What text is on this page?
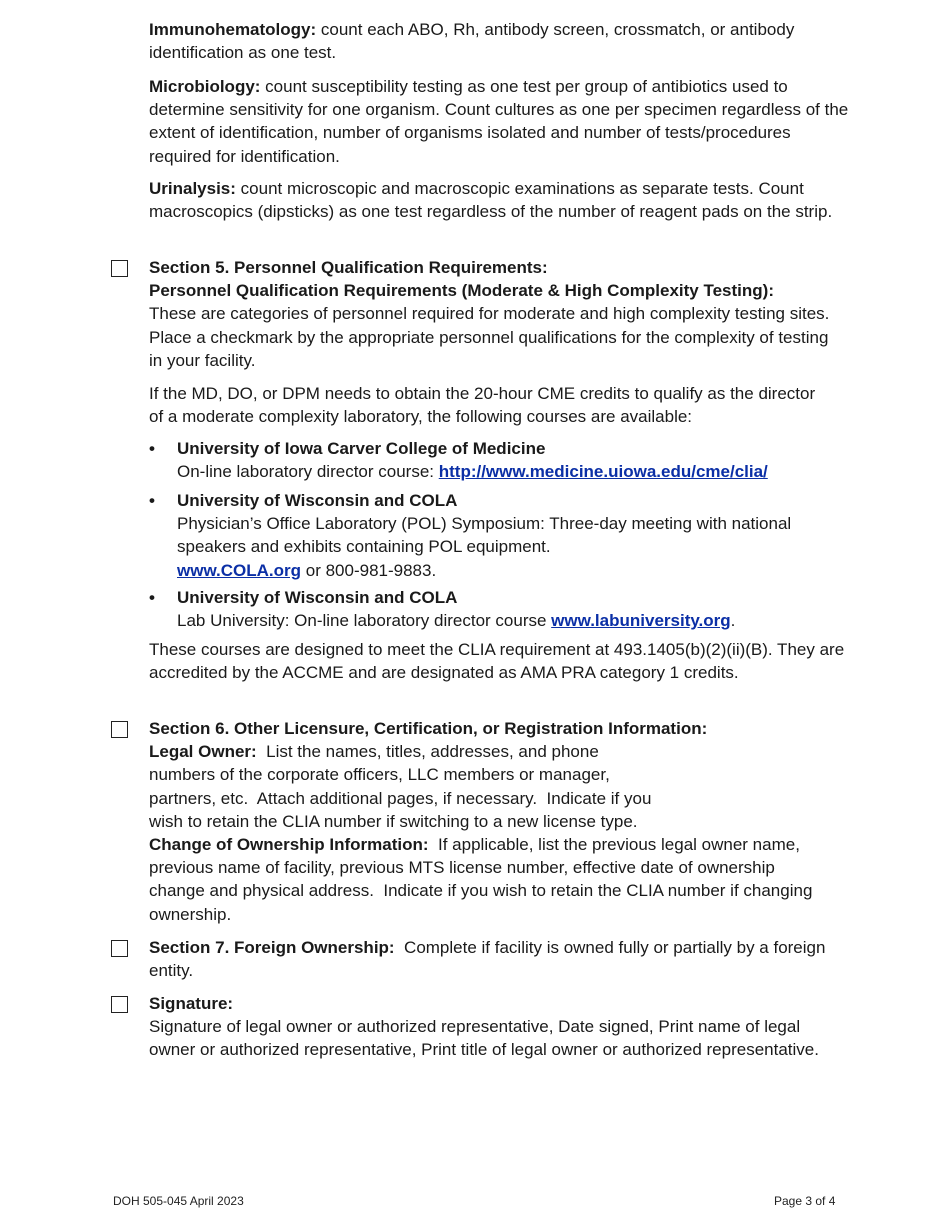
Immunohematology: count each ABO, Rh, antibody screen, crossmatch, or antibody identification as one test.

Microbiology: count susceptibility testing as one test per group of antibiotics used to determine sensitivity for one organism. Count cultures as one per specimen regardless of the extent of identification, number of organisms isolated and number of tests/procedures required for identification.

Urinalysis: count microscopic and macroscopic examinations as separate tests. Count macroscopics (dipsticks) as one test regardless of the number of reagent pads on the strip.

Section 5. Personnel Qualification Requirements:

Personnel Qualification Requirements (Moderate & High Complexity Testing):

These are categories of personnel required for moderate and high complexity testing sites. Place a checkmark by the appropriate personnel qualifications for the complexity of testing in your facility.

If the MD, DO, or DPM needs to obtain the 20-hour CME credits to qualify as the director of a moderate complexity laboratory, the following courses are available:

• University of Iowa Carver College of Medicine

On-line laboratory director course: http://www.medicine.uiowa.edu/cme/clia/

• University of Wisconsin and COLA

Physician’s Office Laboratory (POL) Symposium: Three-day meeting with national speakers and exhibits containing POL equipment.

www.COLA.org or 800-981-9883.

• University of Wisconsin and COLA

Lab University: On-line laboratory director course www.labuniversity.org.

These courses are designed to meet the CLIA requirement at 493.1405(b)(2)(ii)(B). They are accredited by the ACCME and are designated as AMA PRA category 1 credits.

Section 6. Other Licensure, Certification, or Registration Information:

Legal Owner:  List the names, titles, addresses, and phone

numbers of the corporate officers, LLC members or manager,

partners, etc.  Attach additional pages, if necessary.  Indicate if you

wish to retain the CLIA number if switching to a new license type.

Change of Ownership Information:  If applicable, list the previous legal owner name, previous name of facility, previous MTS license number, effective date of ownership change and physical address.  Indicate if you wish to retain the CLIA number if changing ownership.

Section 7. Foreign Ownership:  Complete if facility is owned fully or partially by a foreign entity.

Signature:

Signature of legal owner or authorized representative, Date signed, Print name of legal owner or authorized representative, Print title of legal owner or authorized representative.

DOH 505-045 April 2023	Page 3 of 4
